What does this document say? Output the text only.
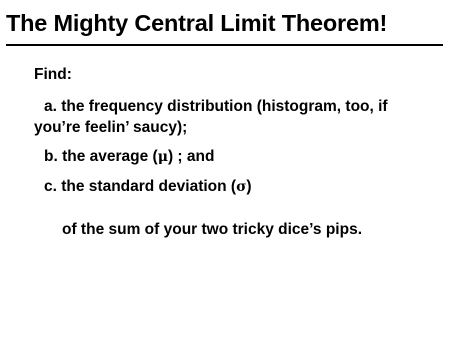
The Mighty Central Limit Theorem!
Find:
a. the frequency distribution (histogram, too, if
you’re feelin’ saucy);
b. the average (μ) ; and
c. the standard deviation (σ)
of the sum of your two tricky dice’s pips.
